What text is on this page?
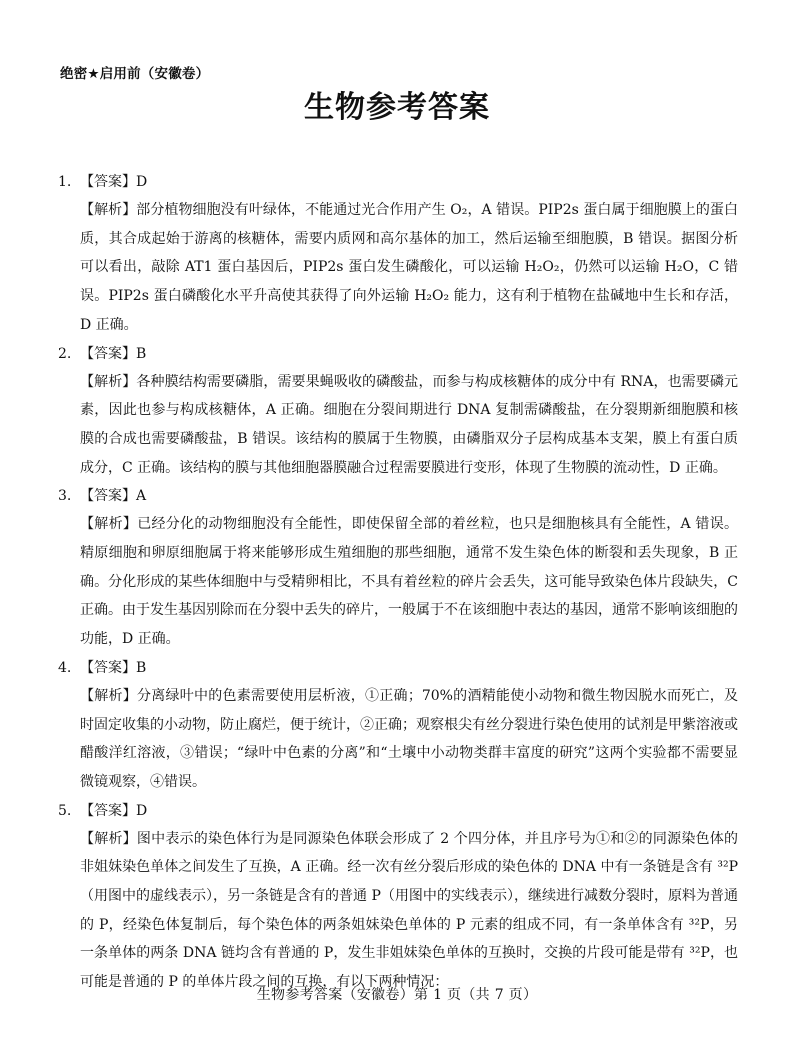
绝密★启用前（安徽卷）
生物参考答案
1. 【答案】D
【解析】部分植物细胞没有叶绿体，不能通过光合作用产生 O₂，A 错误。PIP2s 蛋白属于细胞膜上的蛋白质，其合成起始于游离的核糖体，需要内质网和高尔基体的加工，然后运输至细胞膜，B 错误。据图分析可以看出，敲除 AT1 蛋白基因后，PIP2s 蛋白发生磷酸化，可以运输 H₂O₂，仍然可以运输 H₂O，C 错误。PIP2s 蛋白磷酸化水平升高使其获得了向外运输 H₂O₂ 能力，这有利于植物在盐碱地中生长和存活，D 正确。
2. 【答案】B
【解析】各种膜结构需要磷脂，需要果蝇吸收的磷酸盐，而参与构成核糖体的成分中有 RNA，也需要磷元素，因此也参与构成核糖体，A 正确。细胞在分裂间期进行 DNA 复制需磷酸盐，在分裂期新细胞膜和核膜的合成也需要磷酸盐，B 错误。该结构的膜属于生物膜，由磷脂双分子层构成基本支架，膜上有蛋白质成分，C 正确。该结构的膜与其他细胞器膜融合过程需要膜进行变形，体现了生物膜的流动性，D 正确。
3. 【答案】A
【解析】已经分化的动物细胞没有全能性，即使保留全部的着丝粒，也只是细胞核具有全能性，A 错误。精原细胞和卵原细胞属于将来能够形成生殖细胞的那些细胞，通常不发生染色体的断裂和丢失现象，B 正确。分化形成的某些体细胞中与受精卵相比，不具有着丝粒的碎片会丢失，这可能导致染色体片段缺失，C 正确。由于发生基因别除而在分裂中丢失的碎片，一般属于不在该细胞中表达的基因，通常不影响该细胞的功能，D 正确。
4. 【答案】B
【解析】分离绿叶中的色素需要使用层析液，①正确；70%的酒精能使小动物和微生物因脱水而死亡，及时固定收集的小动物，防止腐烂，便于统计，②正确；观察根尖有丝分裂进行染色使用的试剂是甲紫溶液或醋酸洋红溶液，③错误；“绿叶中色素的分离”和“土壤中小动物类群丰富度的研究”这两个实验都不需要显微镜观察，④错误。
5. 【答案】D
【解析】图中表示的染色体行为是同源染色体联会形成了 2 个四分体，并且序号为①和②的同源染色体的非姐妹染色单体之间发生了互换，A 正确。经一次有丝分裂后形成的染色体的 DNA 中有一条链是含有 ³²P（用图中的虚线表示），另一条链是含有的普通 P（用图中的实线表示），继续进行减数分裂时，原料为普通的 P，经染色体复制后，每个染色体的两条姐妹染色单体的 P 元素的组成不同，有一条单体含有 ³²P，另一条单体的两条 DNA 链均含有普通的 P，发生非姐妹染色单体的互换时，交换的片段可能是带有 ³²P，也可能是普通的 P 的单体片段之间的互换，有以下两种情况：
生物参考答案（安徽卷）第 1 页（共 7 页）
